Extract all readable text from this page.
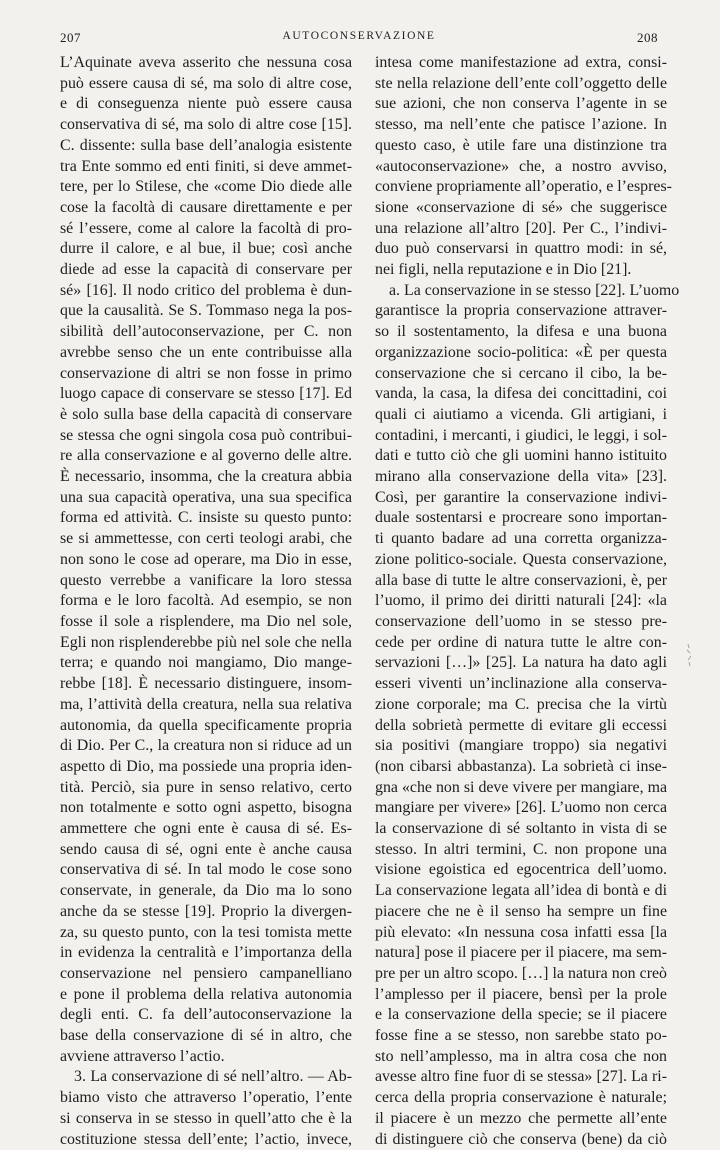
207	AUTOCONSERVAZIONE	208
L’Aquinate aveva asserito che nessuna cosa
può essere causa di sé, ma solo di altre cose,
e di conseguenza niente può essere causa
conservativa di sé, ma solo di altre cose [15].
C. dissente: sulla base dell’analogia esistente
tra Ente sommo ed enti finiti, si deve ammet-
tere, per lo Stilese, che «come Dio diede alle
cose la facoltà di causare direttamente e per
sé l’essere, come al calore la facoltà di pro-
durre il calore, e al bue, il bue; così anche
diede ad esse la capacità di conservare per
sé» [16]. Il nodo critico del problema è dun-
que la causalità. Se S. Tommaso nega la pos-
sibilità dell’autoconservazione, per C. non
avrebbe senso che un ente contribuisse alla
conservazione di altri se non fosse in primo
luogo capace di conservare se stesso [17]. Ed
è solo sulla base della capacità di conservare
se stessa che ogni singola cosa può contribui-
re alla conservazione e al governo delle altre.
È necessario, insomma, che la creatura abbia
una sua capacità operativa, una sua specifica
forma ed attività. C. insiste su questo punto:
se si ammettesse, con certi teologi arabi, che
non sono le cose ad operare, ma Dio in esse,
questo verrebbe a vanificare la loro stessa
forma e le loro facoltà. Ad esempio, se non
fosse il sole a risplendere, ma Dio nel sole,
Egli non risplenderebbe più nel sole che nella
terra; e quando noi mangiamo, Dio mange-
rebbe [18]. È necessario distinguere, insom-
ma, l’attività della creatura, nella sua relativa
autonomia, da quella specificamente propria
di Dio. Per C., la creatura non si riduce ad un
aspetto di Dio, ma possiede una propria iden-
tità. Perciò, sia pure in senso relativo, certo
non totalmente e sotto ogni aspetto, bisogna
ammettere che ogni ente è causa di sé. Es-
sendo causa di sé, ogni ente è anche causa
conservativa di sé. In tal modo le cose sono
conservate, in generale, da Dio ma lo sono
anche da se stesse [19]. Proprio la divergen-
za, su questo punto, con la tesi tomista mette
in evidenza la centralità e l’importanza della
conservazione nel pensiero campanelliano
e pone il problema della relativa autonomia
degli enti. C. fa dell’autoconservazione la
base della conservazione di sé in altro, che
avviene attraverso l’actio.
3. La conservazione di sé nell’altro. — Ab-
biamo visto che attraverso l’operatio, l’ente
si conserva in se stesso in quell’atto che è la
costituzione stessa dell’ente; l’actio, invece,
intesa come manifestazione ad extra, consi-
ste nella relazione dell’ente coll’oggetto delle
sue azioni, che non conserva l’agente in se
stesso, ma nell’ente che patisce l’azione. In
questo caso, è utile fare una distinzione tra
«autoconservazione» che, a nostro avviso,
conviene propriamente all’operatio, e l’espres-
sione «conservazione di sé» che suggerisce
una relazione all’altro [20]. Per C., l’indivi-
duo può conservarsi in quattro modi: in sé,
nei figli, nella reputazione e in Dio [21].
a. La conservazione in se stesso [22]. L’uomo
garantisce la propria conservazione attraver-
so il sostentamento, la difesa e una buona
organizzazione socio-politica: «È per questa
conservazione che si cercano il cibo, la be-
vanda, la casa, la difesa dei concittadini, coi
quali ci aiutiamo a vicenda. Gli artigiani, i
contadini, i mercanti, i giudici, le leggi, i sol-
dati e tutto ciò che gli uomini hanno istituito
mirano alla conservazione della vita» [23].
Così, per garantire la conservazione indivi-
duale sostentarsi e procreare sono importan-
ti quanto badare ad una corretta organizza-
zione politico-sociale. Questa conservazione,
alla base di tutte le altre conservazioni, è, per
l’uomo, il primo dei diritti naturali [24]: «la
conservazione dell’uomo in se stesso pre-
cede per ordine di natura tutte le altre con-
servazioni […]» [25]. La natura ha dato agli
esseri viventi un’inclinazione alla conserva-
zione corporale; ma C. precisa che la virtù
della sobrietà permette di evitare gli eccessi
sia positivi (mangiare troppo) sia negativi
(non cibarsi abbastanza). La sobrietà ci inse-
gna «che non si deve vivere per mangiare, ma
mangiare per vivere» [26]. L’uomo non cerca
la conservazione di sé soltanto in vista di se
stesso. In altri termini, C. non propone una
visione egoistica ed egocentrica dell’uomo.
La conservazione legata all’idea di bontà e di
piacere che ne è il senso ha sempre un fine
più elevato: «In nessuna cosa infatti essa [la
natura] pose il piacere per il piacere, ma sem-
pre per un altro scopo. […] la natura non creò
l’amplesso per il piacere, bensì per la prole
e la conservazione della specie; se il piacere
fosse fine a se stesso, non sarebbe stato po-
sto nell’amplesso, ma in altra cosa che non
avesse altro fine fuor di se stessa» [27]. La ri-
cerca della propria conservazione è naturale;
il piacere è un mezzo che permette all’ente
di distinguere ciò che conserva (bene) da ciò
